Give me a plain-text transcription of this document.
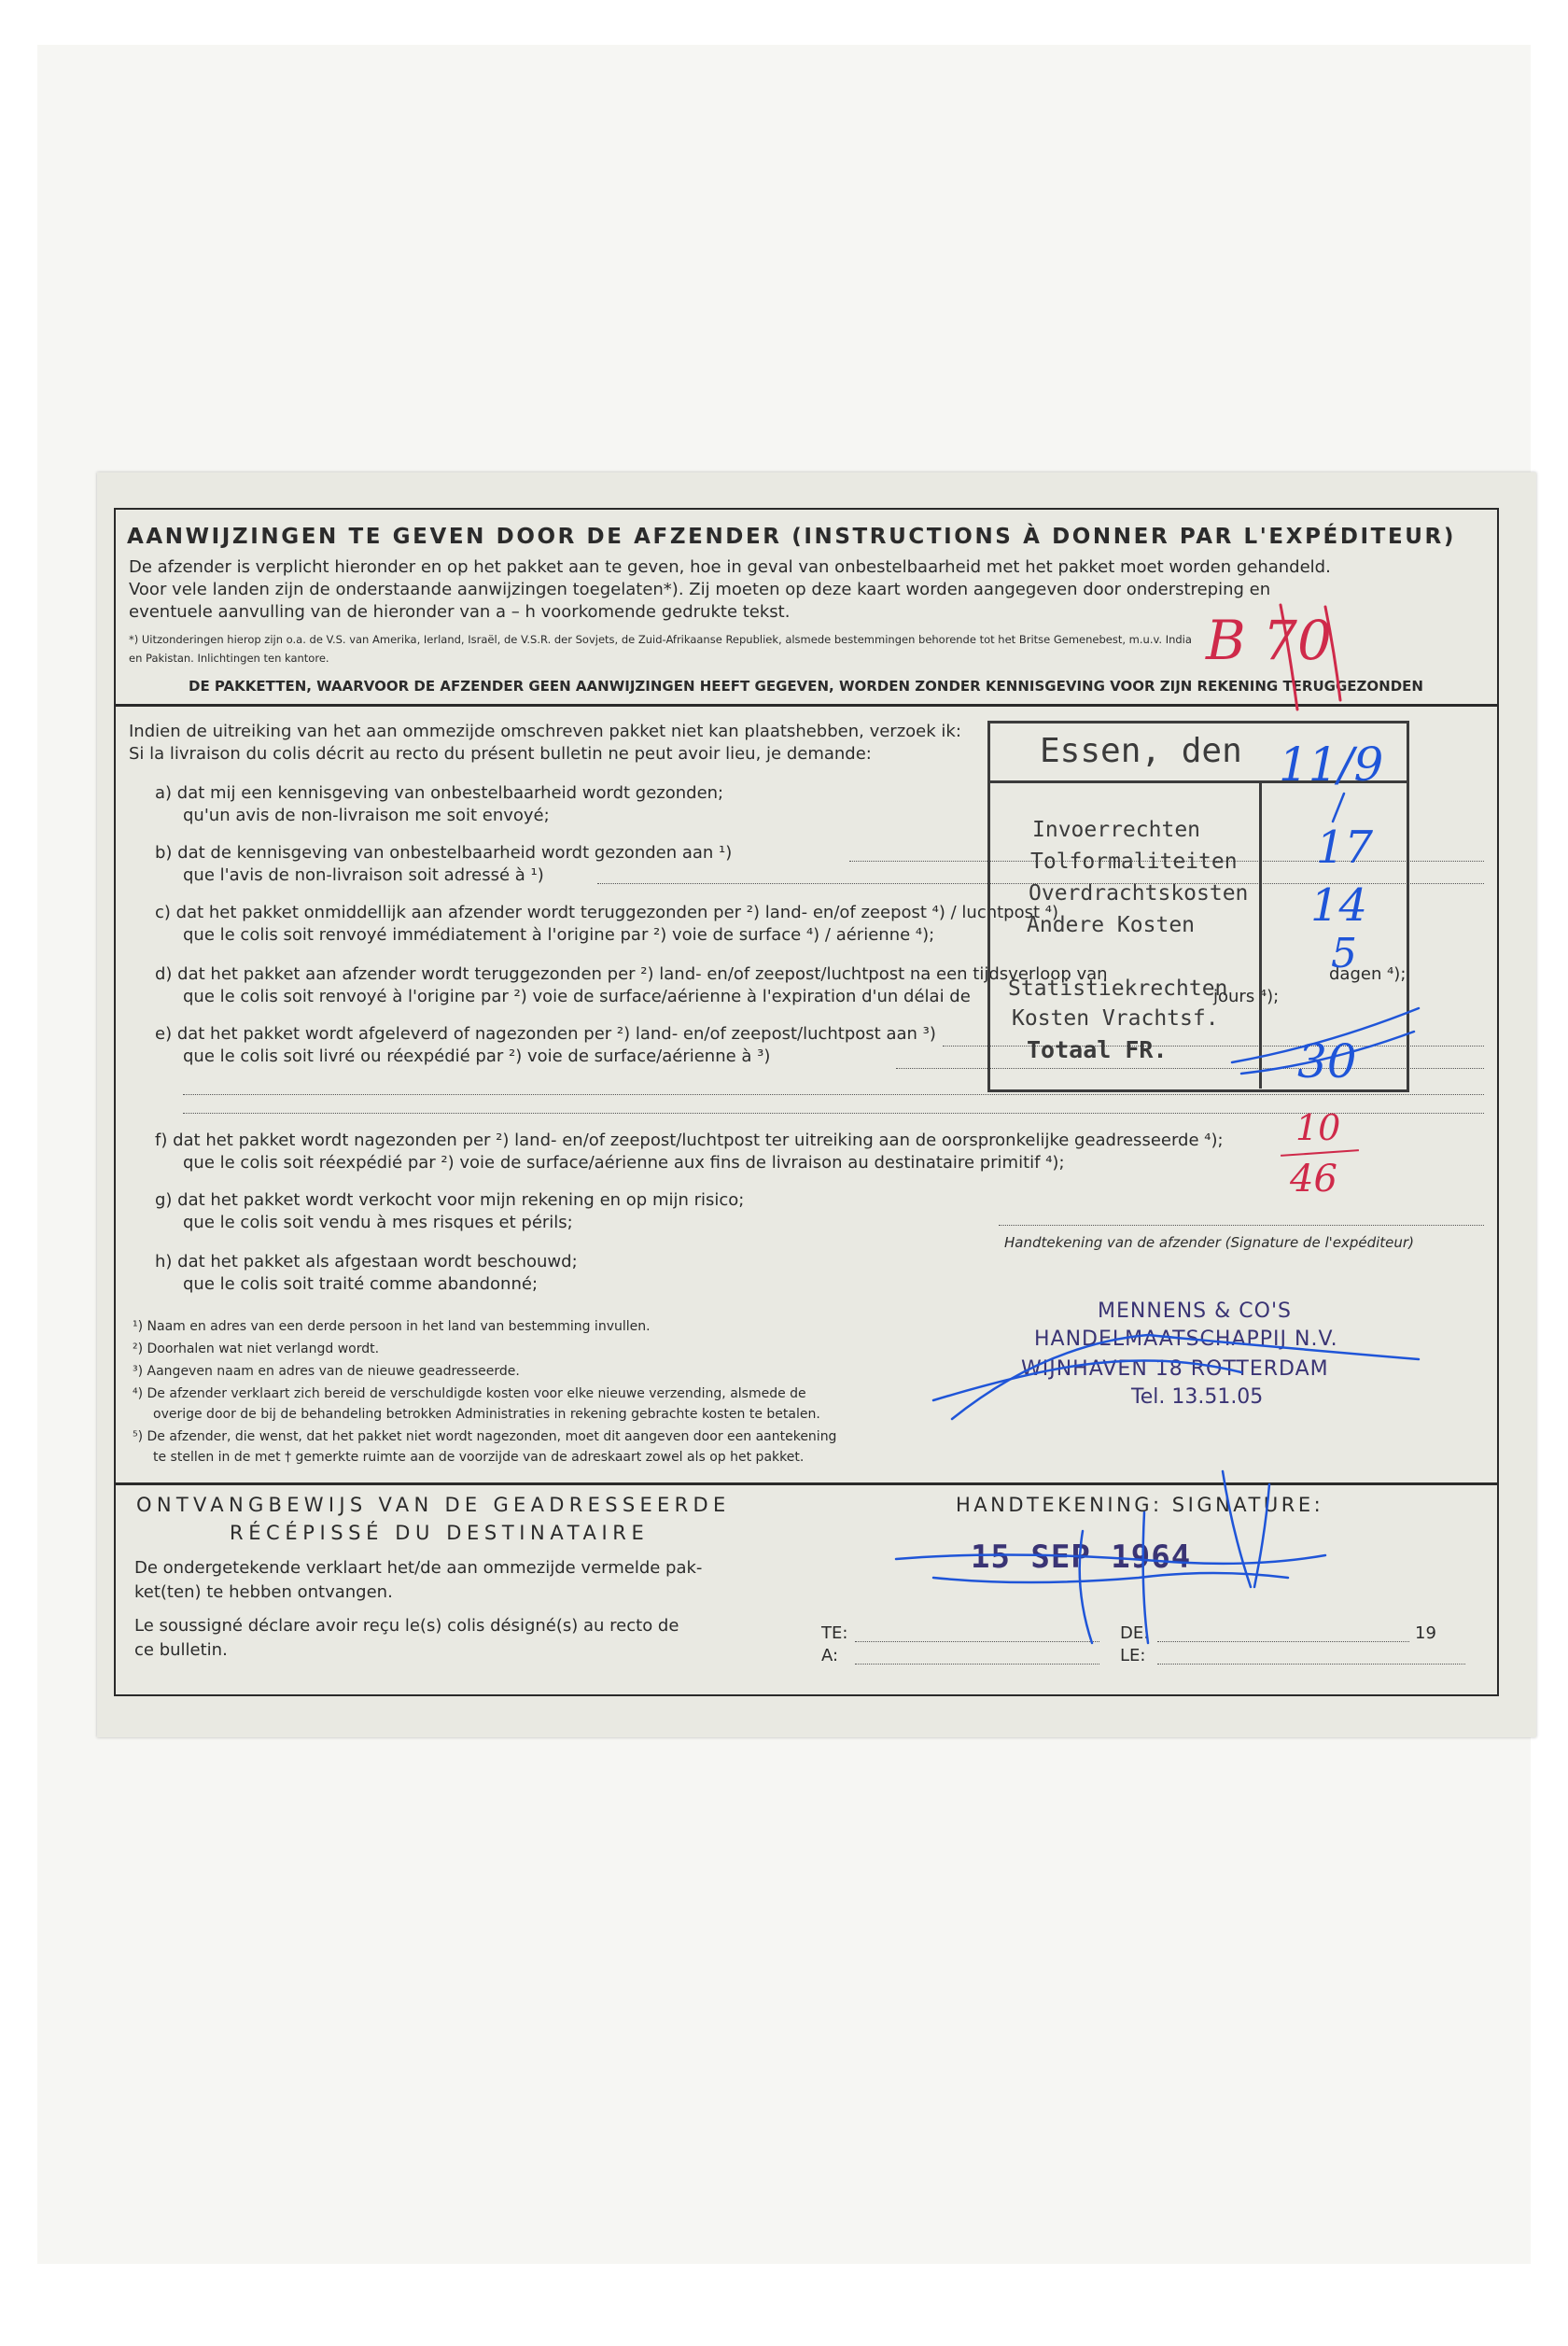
AANWIJZINGEN TE GEVEN DOOR DE AFZENDER (INSTRUCTIONS À DONNER PAR L'EXPÉDITEUR)
De afzender is verplicht hieronder en op het pakket aan te geven, hoe in geval van onbestelbaarheid met het pakket moet worden gehandeld.
Voor vele landen zijn de onderstaande aanwijzingen toegelaten*). Zij moeten op deze kaart worden aangegeven door onderstreping en
eventuele aanvulling van de hieronder van a – h voorkomende gedrukte tekst.
*) Uitzonderingen hierop zijn o.a. de V.S. van Amerika, Ierland, Israël, de V.S.R. der Sovjets, de Zuid-Afrikaanse Republiek, alsmede bestemmingen behorende tot het Britse Gemenebest, m.u.v. India
en Pakistan. Inlichtingen ten kantore.
DE PAKKETTEN, WAARVOOR DE AFZENDER GEEN AANWIJZINGEN HEEFT GEGEVEN, WORDEN ZONDER KENNISGEVING VOOR ZIJN REKENING TERUGGEZONDEN
Indien de uitreiking van het aan ommezijde omschreven pakket niet kan plaatshebben, verzoek ik:
Si la livraison du colis décrit au recto du présent bulletin ne peut avoir lieu, je demande:
a) dat mij een kennisgeving van onbestelbaarheid wordt gezonden;
qu'un avis de non-livraison me soit envoyé;
b) dat de kennisgeving van onbestelbaarheid wordt gezonden aan ¹)
que l'avis de non-livraison soit adressé à ¹)
c) dat het pakket onmiddellijk aan afzender wordt teruggezonden per ²) land- en/of zeepost ⁴) / luchtpost ⁴)
que le colis soit renvoyé immédiatement à l'origine par ²) voie de surface ⁴) / aérienne ⁴);
d) dat het pakket aan afzender wordt teruggezonden per ²) land- en/of zeepost/luchtpost na een tijdsverloop van
que le colis soit renvoyé à l'origine par ²) voie de surface/aérienne à l'expiration d'un délai de
dagen ⁴);
jours ⁴);
e) dat het pakket wordt afgeleverd of nagezonden per ²) land- en/of zeepost/luchtpost aan ³)
que le colis soit livré ou réexpédié par ²) voie de surface/aérienne à ³)
f) dat het pakket wordt nagezonden per ²) land- en/of zeepost/luchtpost ter uitreiking aan de oorspronkelijke geadresseerde ⁴);
que le colis soit réexpédié par ²) voie de surface/aérienne aux fins de livraison au destinataire primitif ⁴);
g) dat het pakket wordt verkocht voor mijn rekening en op mijn risico;
que le colis soit vendu à mes risques et périls;
Handtekening van de afzender (Signature de l'expéditeur)
h) dat het pakket als afgestaan wordt beschouwd;
que le colis soit traité comme abandonné;
¹) Naam en adres van een derde persoon in het land van bestemming invullen.
²) Doorhalen wat niet verlangd wordt.
³) Aangeven naam en adres van de nieuwe geadresseerde.
⁴) De afzender verklaart zich bereid de verschuldigde kosten voor elke nieuwe verzending, alsmede de
overige door de bij de behandeling betrokken Administraties in rekening gebrachte kosten te betalen.
⁵) De afzender, die wenst, dat het pakket niet wordt nagezonden, moet dit aangeven door een aantekening
te stellen in de met † gemerkte ruimte aan de voorzijde van de adreskaart zowel als op het pakket.
Essen, den
Invoerrechten
Tolformaliteiten
Overdrachtskosten
Andere Kosten
Statistiekrechten
Kosten Vrachtsf.
Totaal FR.
11/9
17
14
5
30
B 70
10
46
MENNENS & CO'S
HANDELMAATSCHAPPIJ N.V.
WIJNHAVEN 18 ROTTERDAM
Tel. 13.51.05
ONTVANGBEWIJS VAN DE GEADRESSEERDE
RÉCÉPISSÉ DU DESTINATAIRE
De ondergetekende verklaart het/de aan ommezijde vermelde pak-
ket(ten) te hebben ontvangen.
Le soussigné déclare avoir reçu le(s) colis désigné(s) au recto de
ce bulletin.
HANDTEKENING: SIGNATURE:
15 SEP 1964
TE:
A:
DE:
LE:
19
